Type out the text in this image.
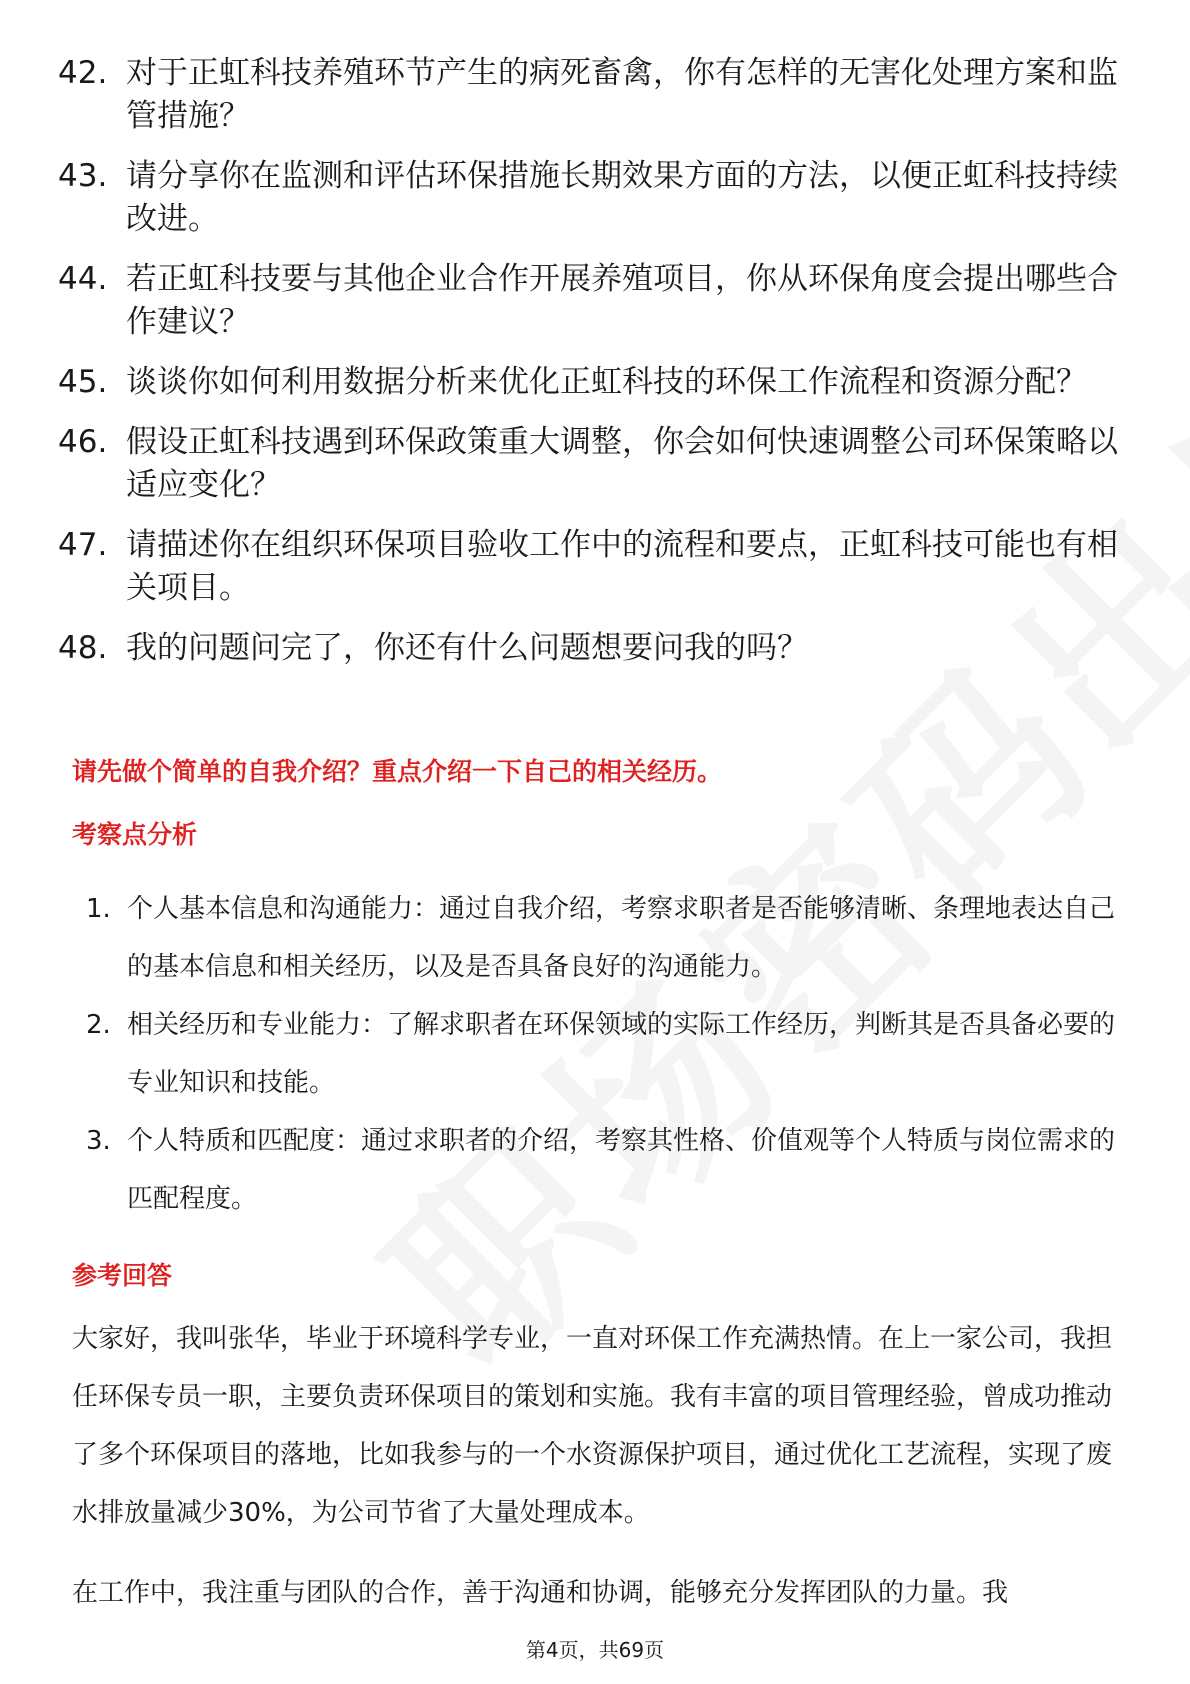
42. 对于正虹科技养殖环节产生的病死畜禽，你有怎样的无害化处理方案和监管措施？
43. 请分享你在监测和评估环保措施长期效果方面的方法，以便正虹科技持续改进。
44. 若正虹科技要与其他企业合作开展养殖项目，你从环保角度会提出哪些合作建议？
45. 谈谈你如何利用数据分析来优化正虹科技的环保工作流程和资源分配？
46. 假设正虹科技遇到环保政策重大调整，你会如何快速调整公司环保策略以适应变化？
47. 请描述你在组织环保项目验收工作中的流程和要点，正虹科技可能也有相关项目。
48. 我的问题问完了，你还有什么问题想要问我的吗？
请先做个简单的自我介绍？重点介绍一下自己的相关经历。
考察点分析
1. 个人基本信息和沟通能力：通过自我介绍，考察求职者是否能够清晰、条理地表达自己的基本信息和相关经历，以及是否具备良好的沟通能力。
2. 相关经历和专业能力：了解求职者在环保领域的实际工作经历，判断其是否具备必要的专业知识和技能。
3. 个人特质和匹配度：通过求职者的介绍，考察其性格、价值观等个人特质与岗位需求的匹配程度。
参考回答

大家好，我叫张华，毕业于环境科学专业，一直对环保工作充满热情。在上一家公司，我担任环保专员一职，主要负责环保项目的策划和实施。我有丰富的项目管理经验，曾成功推动了多个环保项目的落地，比如我参与的一个水资源保护项目，通过优化工艺流程，实现了废水排放量减少30%，为公司节省了大量处理成本。

在工作中，我注重与团队的合作，善于沟通和协调，能够充分发挥团队的力量。我

第4页，共69页
